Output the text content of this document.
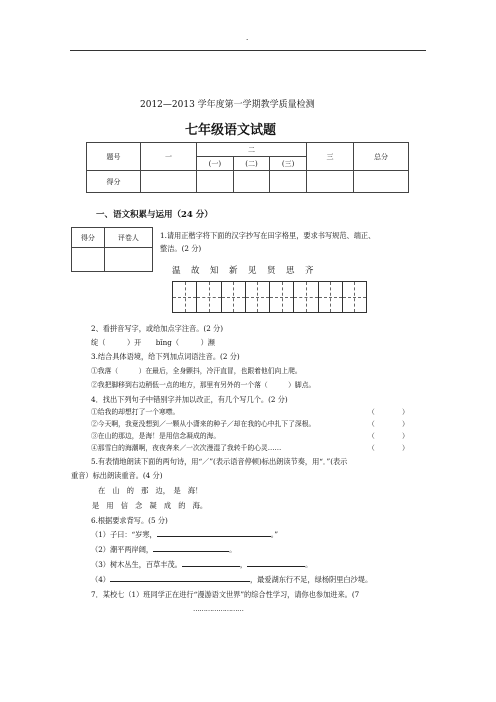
.
2012—2013 学年度第一学期教学质量检测
七年级语文试题
题号	一	二			三	总分
		(一)	(二)	(三)		
得分						
一、语文积累与运用（24 分）
得分	评卷人
		1.请用正楷字将下面的汉字抄写在田字格里，要求书写规范、端正、
整洁。(2 分)
温　故　知　新　见　贤　思　齐
2、看拼音写字，或给加点字注音。(2 分)
绽（　　　）开　　bǐng（　　　）濒
3.结合具体语境，给下列加点词语注音。(2 分)
①我落（　　　）在最后，全身颤抖，冷汗直冒，也跟着他们向上爬。
②我把脚移到右边稍低一点的地方，那里有另外的一个落（　　　）脚点。
4．找出下列句子中错别字并加以改正，有几个写几个。(2 分)
①给我的却想打了一个寒噤。	（　　　　）
②今天啊，我竟没想到／一颗从小潇来的种子／却在我的心中扎下了深根。	（　　　　）
③在山的那边，是海！是用信念凝成的海。	（　　　　）
④那雪白的海潮啊，夜夜奔来／一次次漫湿了我转千的心灵……	（　　　　）
5.有表情地朗读下面的两句诗，用“／”(表示语音停顿)标出朗读节奏，用“．”(表示
重音）标出朗读重音。(4 分)
在　山　的　那　边，　是　海！
是　用　信　念　凝　成　的　海。
6.根据要求背写。(5 分)
（1）子曰：“岁寒，	。”
（2）潮平两岸阔，	。
（3）树木丛生，百草丰茂。	，	。
（4）	，最爱湖东行不足，绿杨阴里白沙堤。
7．某校七（1）班同学正在进行“漫游语文世界”的综合性学习，请你也参加进来。(7
……………………
